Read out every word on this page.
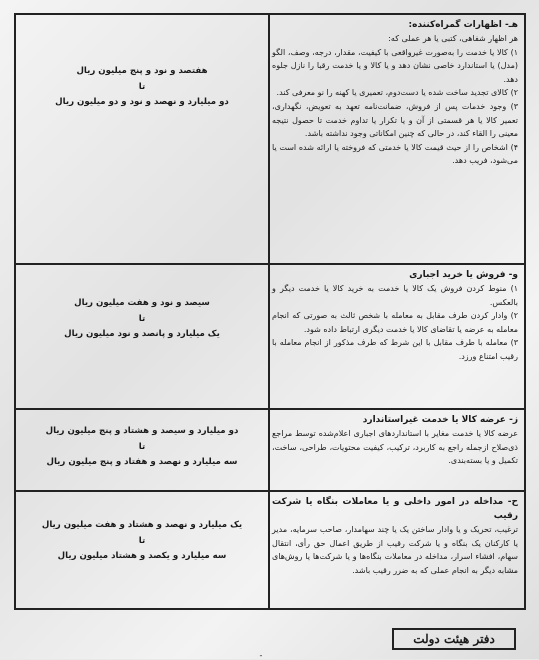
هـ- اظهارات گمراه‌کننده:

هر اظهار شفاهی، کتبی یا هر عملی که:

۱) کالا یا خدمت را به‌صورت غیرواقعی با کیفیت، مقدار، درجه، وصف، الگو (مدل) یا استاندارد خاصی نشان دهد و یا کالا و یا خدمت رقبا را نازل جلوه دهد.

۲) کالای تجدید ساخت شده یا دست‌دوم، تعمیری یا کهنه را نو معرفی کند.

۳) وجود خدمات پس از فروش، ضمانت‌نامه تعهد به تعویض، نگهداری، تعمیر کالا یا هر قسمتی از آن و یا تکرار یا تداوم خدمت تا حصول نتیجه معینی را القاء کند، در حالی که چنین امکاناتی وجود نداشته باشد.

۴) اشخاص را از حیث قیمت کالا یا خدمتی که فروخته یا ارائه شده است یا می‌شود، فریب دهد.

هفتصد و نود و پنج میلیون ریال
تا
دو میلیارد و نهصد و نود و دو میلیون ریال

و- فروش یا خرید اجباری

۱) منوط کردن فروش یک کالا یا خدمت به خرید کالا یا خدمت دیگر و بالعکس.

۲) وادار کردن طرف مقابل به معامله با شخص ثالث به صورتی که انجام معامله به عرضه یا تقاضای کالا یا خدمت دیگری ارتباط داده شود.

۳) معامله با طرف مقابل با این شرط که طرف مذکور از انجام معامله با رقیب امتناع ورزد.

سیصد و نود و هفت میلیون ریال
تا
یک میلیارد و پانصد و نود میلیون ریال

ز- عرضه کالا یا خدمت غیراستاندارد

عرضه کالا یا خدمت مغایر با استانداردهای اجباری اعلام‌شده توسط مراجع ذی‌صلاح ازجمله راجع به کاربرد، ترکیب، کیفیت محتویات، طراحی، ساخت، تکمیل و یا بسته‌بندی.

دو میلیارد و سیصد و هشتاد و پنج میلیون ریال
تا
سه میلیارد و نهصد و هفتاد و پنج میلیون ریال

ح- مداخله در امور داخلی و یا معاملات بنگاه یا شرکت رقیب

ترغیب، تحریک و یا وادار ساختن یک یا چند سهامدار، صاحب سرمایه، مدیر یا کارکنان یک بنگاه و یا شرکت رقیب از طریق اعمال حق رأی، انتقال سهام، افشاء اسرار، مداخله در معاملات بنگاه‌ها و یا شرکت‌ها یا روش‌های مشابه دیگر به انجام عملی که به ضرر رقیب باشد.

یک میلیارد و نهصد و هشتاد و هفت میلیون ریال
تا
سه میلیارد و یکصد و هشتاد میلیون ریال
دفتر هیئت دولت
-
